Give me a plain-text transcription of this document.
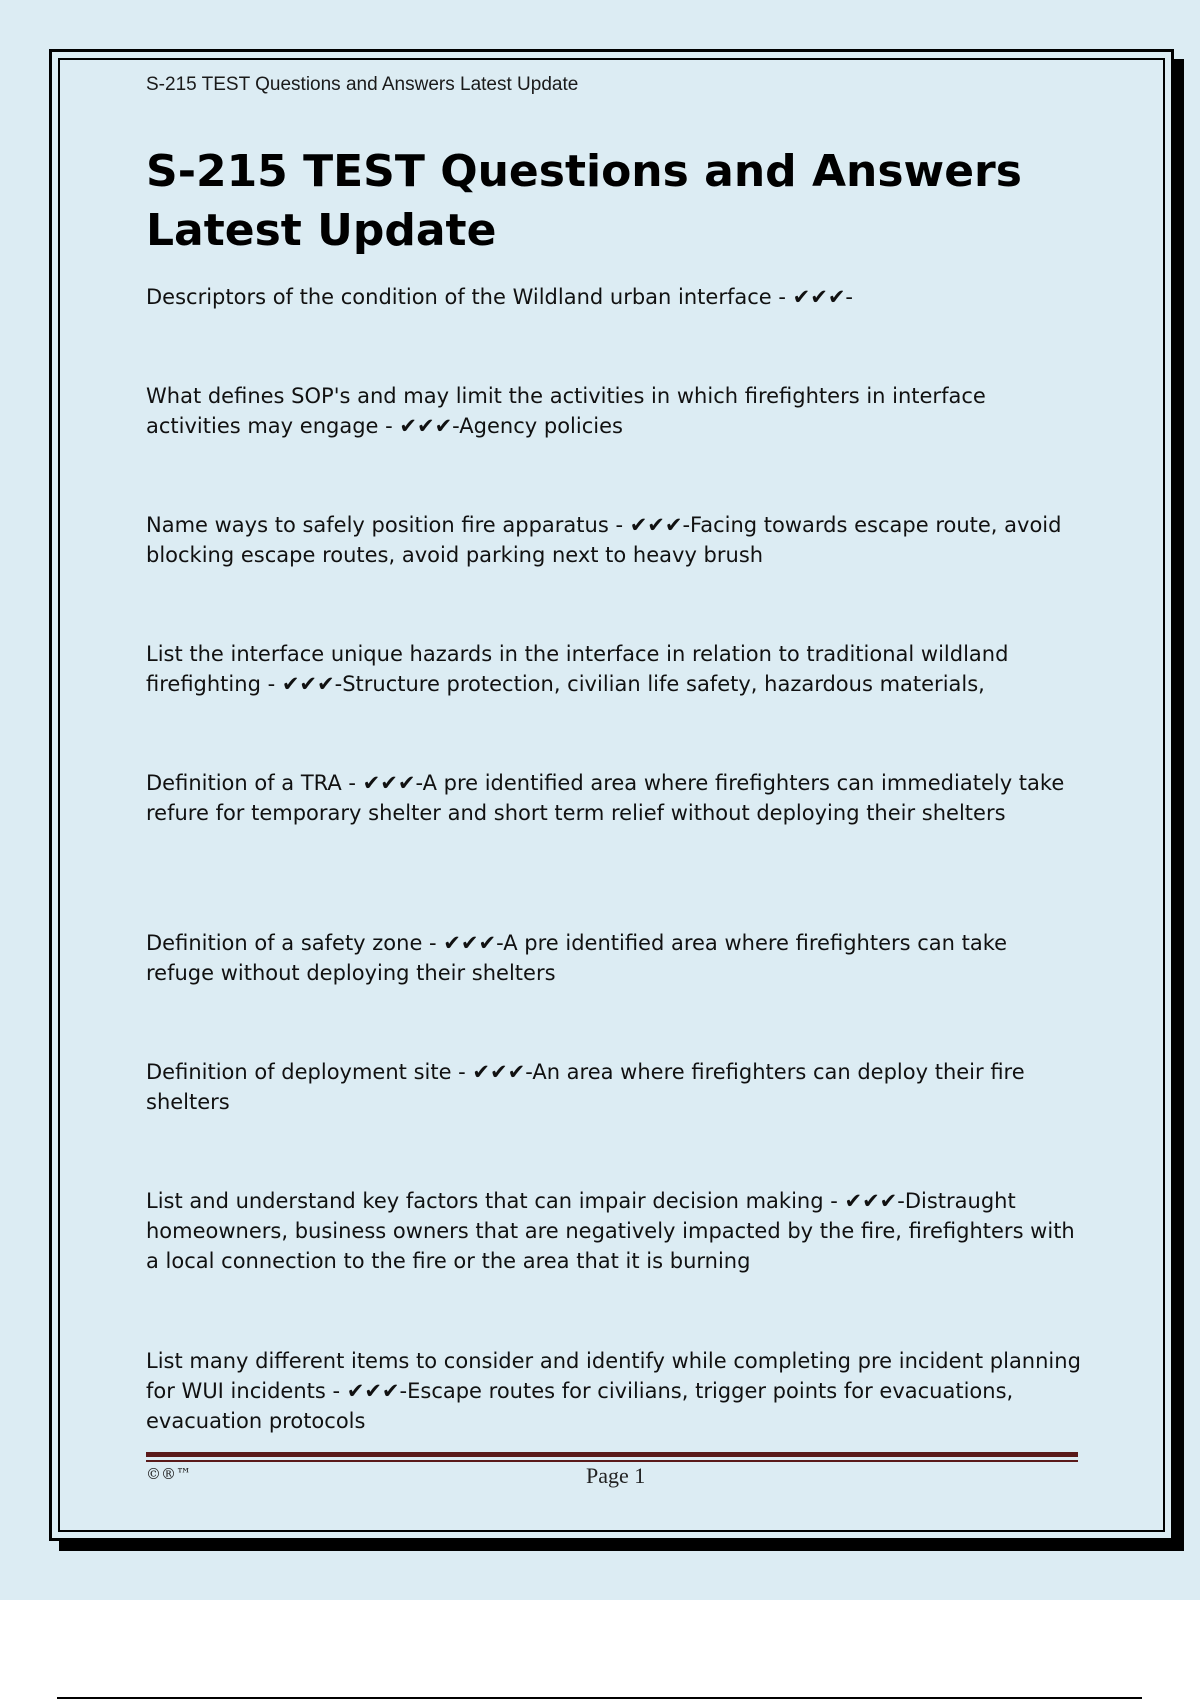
S-215 TEST Questions and Answers Latest Update
S-215 TEST Questions and Answers Latest Update
Descriptors of the condition of the Wildland urban interface - ✔✔✔-
What defines SOP's and may limit the activities in which firefighters in interface activities may engage - ✔✔✔-Agency policies
Name ways to safely position fire apparatus - ✔✔✔-Facing towards escape route, avoid blocking escape routes, avoid parking next to heavy brush
List the interface unique hazards in the interface in relation to traditional wildland firefighting - ✔✔✔-Structure protection, civilian life safety, hazardous materials,
Definition of a TRA - ✔✔✔-A pre identified area where firefighters can immediately take refure for temporary shelter and short term relief without deploying their shelters
Definition of a safety zone - ✔✔✔-A pre identified area where firefighters can take refuge without deploying their shelters
Definition of deployment site - ✔✔✔-An area where firefighters can deploy their fire shelters
List and understand key factors that can impair decision making - ✔✔✔-Distraught homeowners, business owners that are negatively impacted by the fire, firefighters with a local connection to the fire or the area that it is burning
List many different items to consider and identify while completing pre incident planning for WUI incidents - ✔✔✔-Escape routes for civilians, trigger points for evacuations, evacuation protocols
©®™	Page 1
